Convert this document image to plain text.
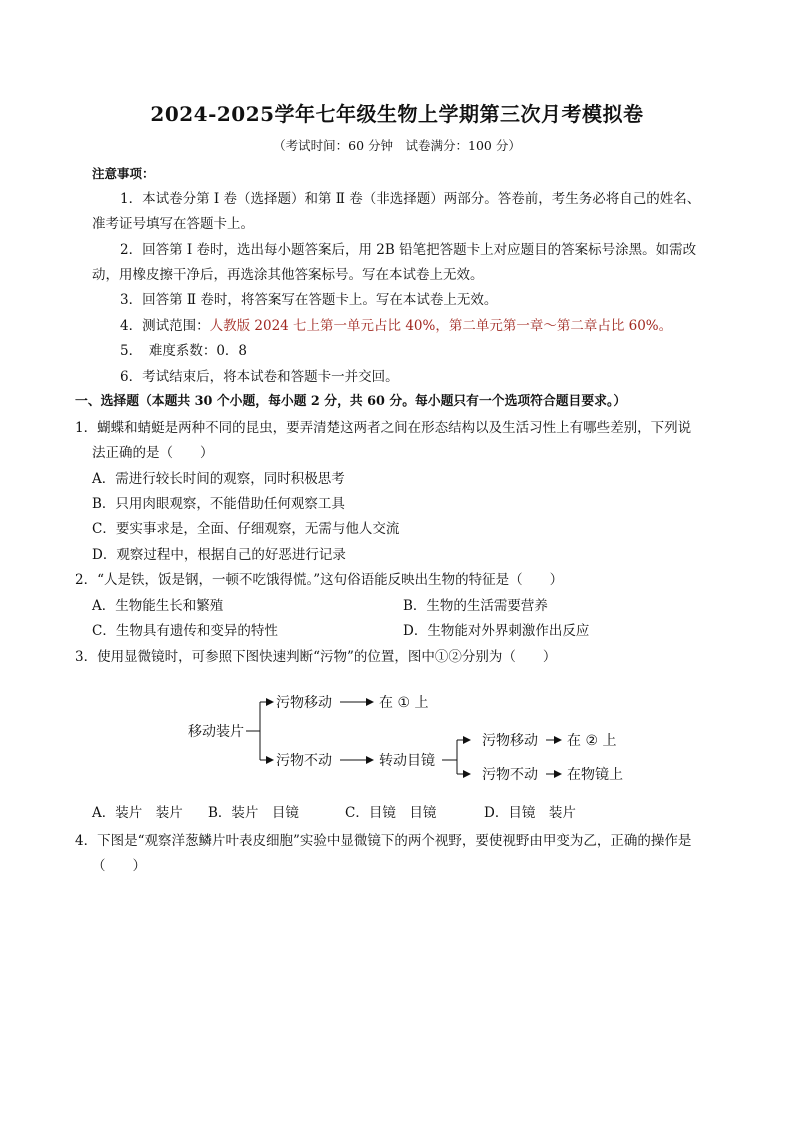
2024-2025学年七年级生物上学期第三次月考模拟卷
（考试时间：60 分钟　试卷满分：100 分）
注意事项：
1．本试卷分第 I 卷（选择题）和第 Ⅱ 卷（非选择题）两部分。答卷前，考生务必将自己的姓名、
准考证号填写在答题卡上。
2．回答第 I 卷时，选出每小题答案后，用 2B 铅笔把答题卡上对应题目的答案标号涂黑。如需改
动，用橡皮擦干净后，再选涂其他答案标号。写在本试卷上无效。
3．回答第 Ⅱ 卷时，将答案写在答题卡上。写在本试卷上无效。
4．测试范围：人教版 2024 七上第一单元占比 40%，第二单元第一章～第二章占比 60%。
5．　难度系数：0．8
6．考试结束后，将本试卷和答题卡一并交回。
一、选择题（本题共 30 个小题，每小题 2 分，共 60 分。每小题只有一个选项符合题目要求。）
1．蝴蝶和蜻蜓是两种不同的昆虫，要弄清楚这两者之间在形态结构以及生活习性上有哪些差别，下列说
法正确的是（　　）
A．需进行较长时间的观察，同时积极思考
B．只用肉眼观察，不能借助任何观察工具
C．要实事求是，全面、仔细观察，无需与他人交流
D．观察过程中，根据自己的好恶进行记录
2．“人是铁，饭是钢，一顿不吃饿得慌。”这句俗语能反映出生物的特征是（　　）
A．生物能生长和繁殖	B．生物的生活需要营养
C．生物具有遗传和变异的特性	D．生物能对外界刺激作出反应
3．使用显微镜时，可参照下图快速判断“污物”的位置，图中①②分别为（　　）
移动装片
污物移动	在 ① 上
污物不动	转动目镜
污物移动 在 ② 上
污物不动 在物镜上
A．装片　装片 B．装片　目镜	C．目镜　目镜	D．目镜　装片
4．下图是“观察洋葱鳞片叶表皮细胞”实验中显微镜下的两个视野，要使视野由甲变为乙，正确的操作是
（　　）
